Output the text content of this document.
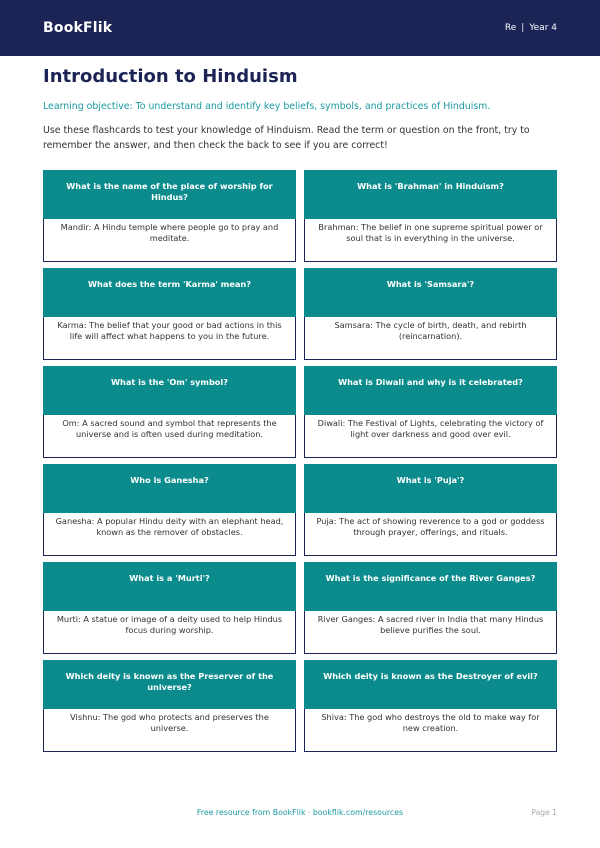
BookFlik	Re | Year 4
Introduction to Hinduism

Learning objective: To understand and identify key beliefs, symbols, and practices of Hinduism.

Use these flashcards to test your knowledge of Hinduism. Read the term or question on the front, try to remember the answer, and then check the back to see if you are correct!

What is the name of the place of worship for Hindus?
Mandir: A Hindu temple where people go to pray and meditate.
What is 'Brahman' in Hinduism?
Brahman: The belief in one supreme spiritual power or soul that is in everything in the universe.
What does the term 'Karma' mean?
Karma: The belief that your good or bad actions in this life will affect what happens to you in the future.
What is 'Samsara'?
Samsara: The cycle of birth, death, and rebirth (reincarnation).
What is the 'Om' symbol?
Om: A sacred sound and symbol that represents the universe and is often used during meditation.
What is Diwali and why is it celebrated?
Diwali: The Festival of Lights, celebrating the victory of light over darkness and good over evil.
Who is Ganesha?
Ganesha: A popular Hindu deity with an elephant head, known as the remover of obstacles.
What is 'Puja'?
Puja: The act of showing reverence to a god or goddess through prayer, offerings, and rituals.
What is a 'Murti'?
Murti: A statue or image of a deity used to help Hindus focus during worship.
What is the significance of the River Ganges?
River Ganges: A sacred river in India that many Hindus believe purifies the soul.
Which deity is known as the Preserver of the universe?
Vishnu: The god who protects and preserves the universe.
Which deity is known as the Destroyer of evil?
Shiva: The god who destroys the old to make way for new creation.
Free resource from BookFlik · bookflik.com/resources	Page 1
